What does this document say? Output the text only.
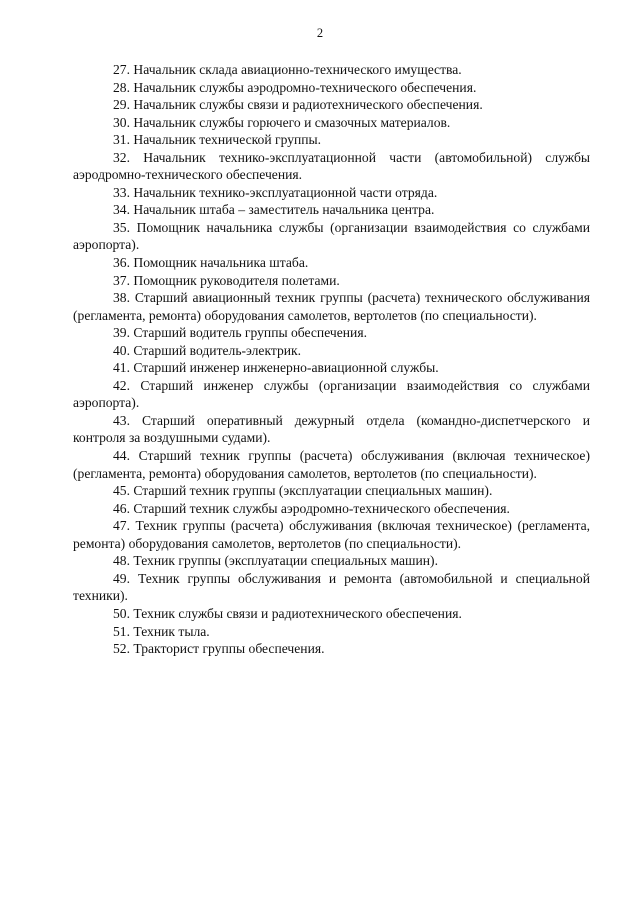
2

27. Начальник склада авиационно-технического имущества.

28. Начальник службы аэродромно-технического обеспечения.

29. Начальник службы связи и радиотехнического обеспечения.

30. Начальник службы горючего и смазочных материалов.

31. Начальник технической группы.

32. Начальник технико-эксплуатационной части (автомобильной) службы аэродромно-технического обеспечения.

33. Начальник технико-эксплуатационной части отряда.

34. Начальник штаба – заместитель начальника центра.

35. Помощник начальника службы (организации взаимодействия со службами аэропорта).

36. Помощник начальника штаба.

37. Помощник руководителя полетами.

38. Старший авиационный техник группы (расчета) технического обслуживания (регламента, ремонта) оборудования самолетов, вертолетов (по специальности).

39. Старший водитель группы обеспечения.

40. Старший водитель-электрик.

41. Старший инженер инженерно-авиационной службы.

42. Старший инженер службы (организации взаимодействия со службами аэропорта).

43. Старший оперативный дежурный отдела (командно-диспетчерского и контроля за воздушными судами).

44. Старший техник группы (расчета) обслуживания (включая техническое) (регламента, ремонта) оборудования самолетов, вертолетов (по специальности).

45. Старший техник группы (эксплуатации специальных машин).

46. Старший техник службы аэродромно-технического обеспечения.

47. Техник группы (расчета) обслуживания (включая техническое) (регламента, ремонта) оборудования самолетов, вертолетов (по специальности).

48. Техник группы (эксплуатации специальных машин).

49. Техник группы обслуживания и ремонта (автомобильной и специальной техники).

50. Техник службы связи и радиотехнического обеспечения.

51. Техник тыла.

52. Тракторист группы обеспечения.
